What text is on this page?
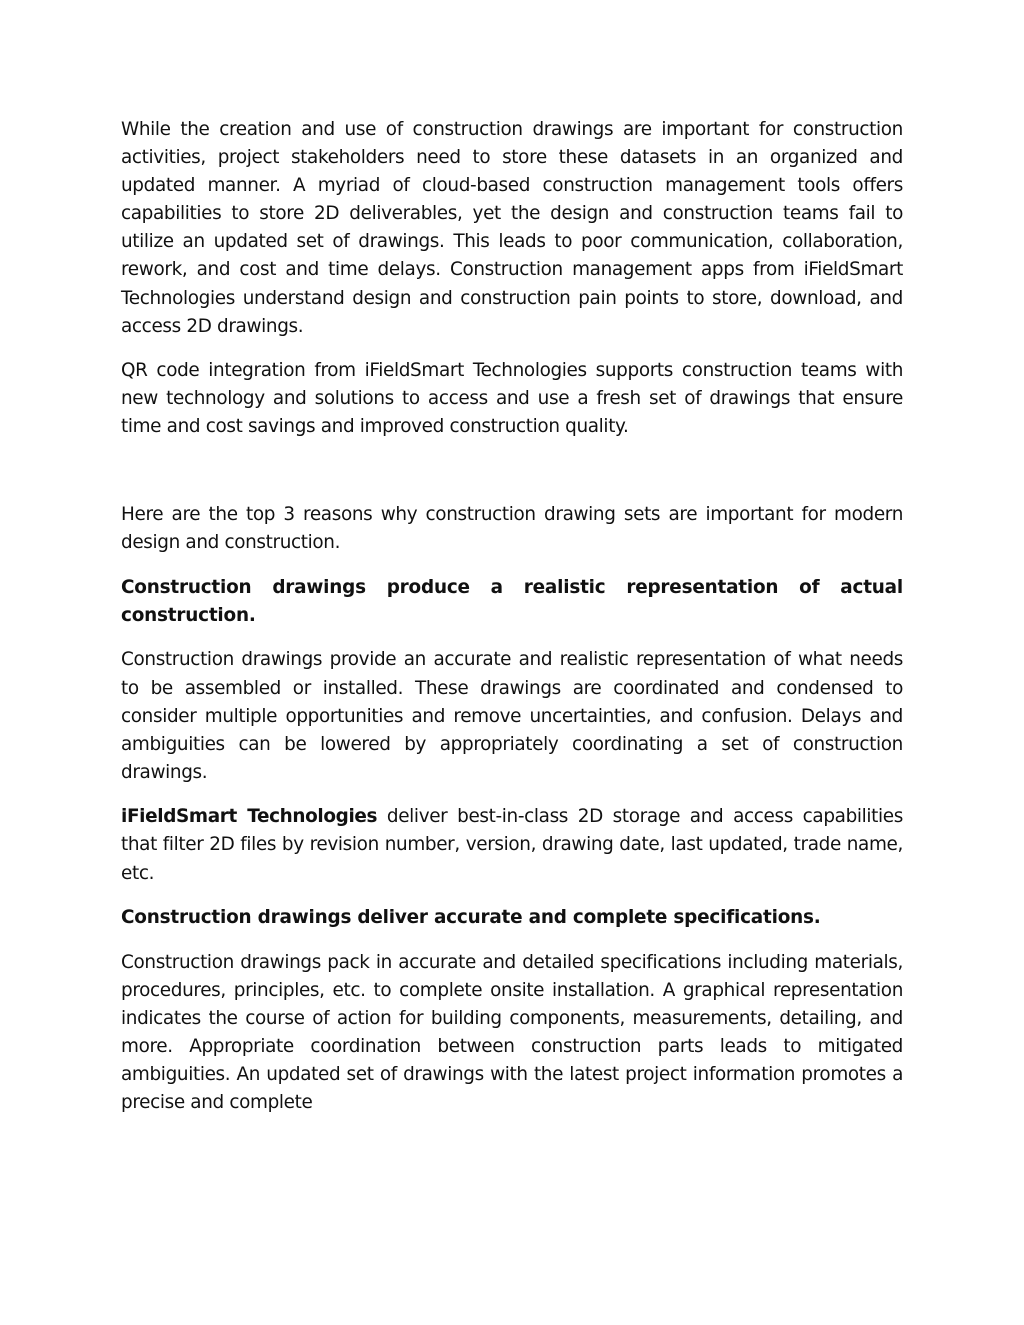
While the creation and use of construction drawings are important for construction activities, project stakeholders need to store these datasets in an organized and updated manner. A myriad of cloud-based construction management tools offers capabilities to store 2D deliverables, yet the design and construction teams fail to utilize an updated set of drawings. This leads to poor communication, collaboration, rework, and cost and time delays. Construction management apps from iFieldSmart Technologies understand design and construction pain points to store, download, and access 2D drawings.

QR code integration from iFieldSmart Technologies supports construction teams with new technology and solutions to access and use a fresh set of drawings that ensure time and cost savings and improved construction quality.

Here are the top 3 reasons why construction drawing sets are important for modern design and construction.

Construction drawings produce a realistic representation of actual construction.

Construction drawings provide an accurate and realistic representation of what needs to be assembled or installed. These drawings are coordinated and condensed to consider multiple opportunities and remove uncertainties, and confusion. Delays and ambiguities can be lowered by appropriately coordinating a set of construction drawings.

iFieldSmart Technologies deliver best-in-class 2D storage and access capabilities that filter 2D files by revision number, version, drawing date, last updated, trade name, etc.

Construction drawings deliver accurate and complete specifications.

Construction drawings pack in accurate and detailed specifications including materials, procedures, principles, etc. to complete onsite installation. A graphical representation indicates the course of action for building components, measurements, detailing, and more. Appropriate coordination between construction parts leads to mitigated ambiguities. An updated set of drawings with the latest project information promotes a precise and complete
